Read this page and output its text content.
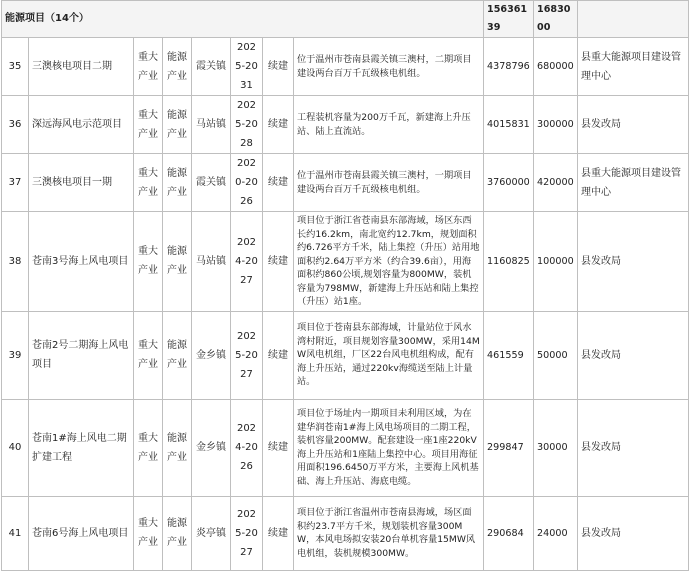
能源项目（14个）								15636139	1683000	
35	三澳核电项目二期	重大产业	能源产业	霞关镇	2025-2031	续建	位于温州市苍南县霞关镇三澳村，二期项目建设两台百万千瓦级核电机组。	4378796	680000	县重大能源项目建设管理中心
36	深远海风电示范项目	重大产业	能源产业	马站镇	2025-2028	续建	工程装机容量为200万千瓦，新建海上升压站、陆上直流站。	4015831	300000	县发改局
37	三澳核电项目一期	重大产业	能源产业	霞关镇	2020-2026	续建	位于温州市苍南县霞关镇三澳村，一期项目建设两台百万千瓦级核电机组。	3760000	420000	县重大能源项目建设管理中心
38	苍南3号海上风电项目	重大产业	能源产业	马站镇	2024-2027	续建	项目位于浙江省苍南县东部海域，场区东西长约16.2km，南北宽约12.7km，规划面积约6.726平方千米，陆上集控（升压）站用地面积约2.64万平方米（约合39.6亩），用海面积约860公顷,规划容量为800MW，装机容量为798MW，新建海上升压站和陆上集控（升压）站1座。	1160825	100000	县发改局
39	苍南2号二期海上风电项目	重大产业	能源产业	金乡镇	2025-2027	续建	项目位于苍南县东部海域，计量站位于风水湾村附近，项目规划容量300MW，采用14MW风电机组，厂区22台风电机组构成，配有海上升压站，通过220kv海缆送至陆上计量站。	461559	50000	县发改局
40	苍南1#海上风电二期扩建工程	重大产业	能源产业	金乡镇	2024-2026	续建	项目位于场址内一期项目未利用区域，为在建华润苍南1#海上风电场项目的二期工程，装机容量200MW。配套建设一座1座220kV海上升压站和1座陆上集控中心。项目用海征用面积196.6450万平方米，主要海上风机基础、海上升压站、海底电缆。	299847	30000	县发改局
41	苍南6号海上风电项目	重大产业	能源产业	炎亭镇	2025-2027	续建	项目位于浙江省温州市苍南县海域，场区面积约23.7平方千米，规划装机容量300MW，本风电场拟安装20台单机容量15MW风电机组，装机规模300MW。	290684	24000	县发改局
